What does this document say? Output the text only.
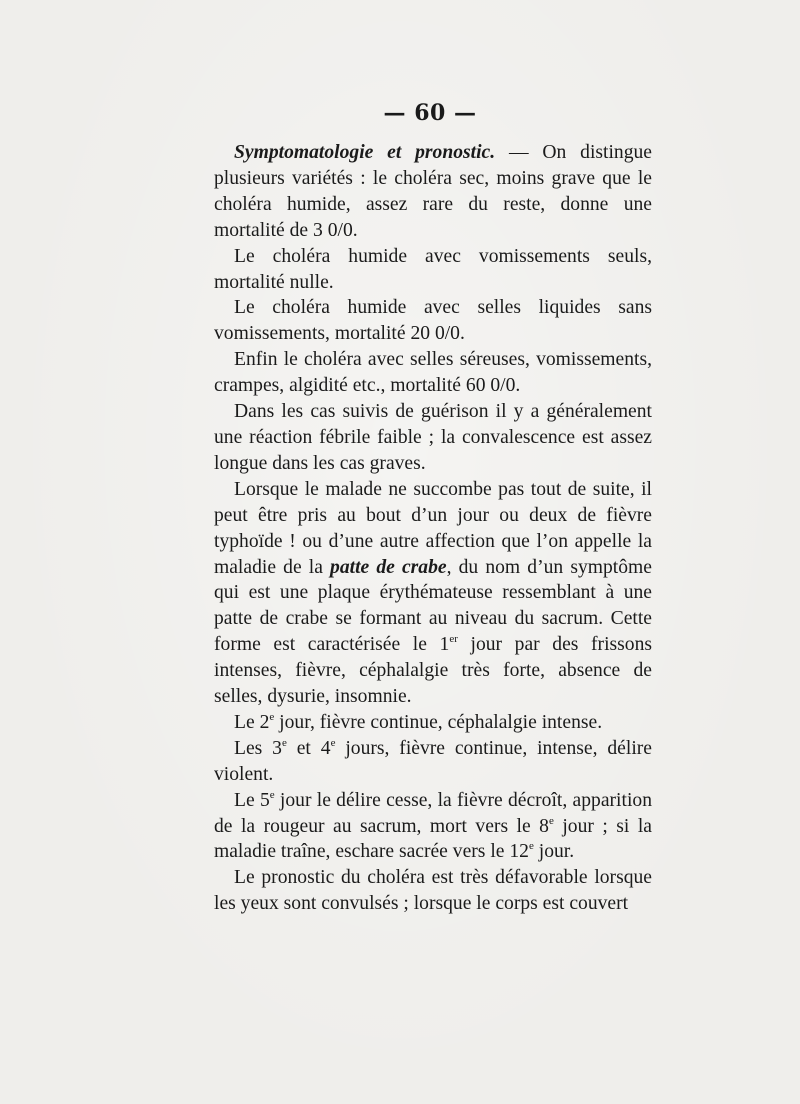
— 60 —

Symptomatologie et pronostic. — On distingue plusieurs variétés : le choléra sec, moins grave que le choléra humide, assez rare du reste, donne une mortalité de 3 0/0.

Le choléra humide avec vomissements seuls, mortalité nulle.

Le choléra humide avec selles liquides sans vomissements, mortalité 20 0/0.

Enfin le choléra avec selles séreuses, vomissements, crampes, algidité etc., mortalité 60 0/0.

Dans les cas suivis de guérison il y a généralement une réaction fébrile faible ; la convalescence est assez longue dans les cas graves.

Lorsque le malade ne succombe pas tout de suite, il peut être pris au bout d’un jour ou deux de fièvre typhoïde ! ou d’une autre affection que l’on appelle la maladie de la patte de crabe, du nom d’un symptôme qui est une plaque érythémateuse ressemblant à une patte de crabe se formant au niveau du sacrum. Cette forme est caractérisée le 1er jour par des frissons intenses, fièvre, céphalalgie très forte, absence de selles, dysurie, insomnie.

Le 2e jour, fièvre continue, céphalalgie intense.

Les 3e et 4e jours, fièvre continue, intense, délire violent.

Le 5e jour le délire cesse, la fièvre décroît, apparition de la rougeur au sacrum, mort vers le 8e jour ; si la maladie traîne, eschare sacrée vers le 12e jour.

Le pronostic du choléra est très défavorable lorsque les yeux sont convulsés ; lorsque le corps est couvert
